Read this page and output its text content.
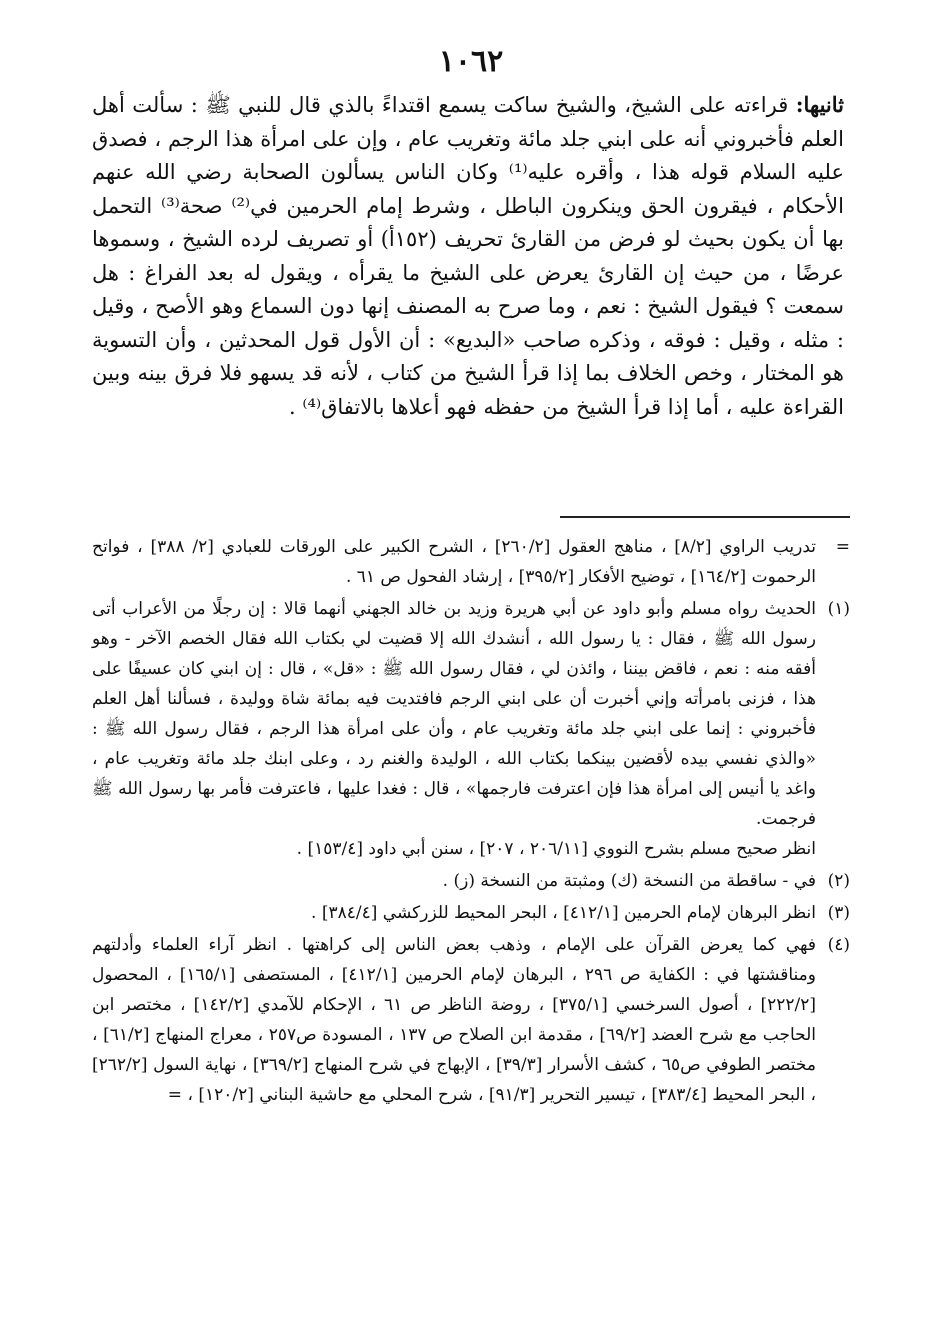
١٠٦٢

ثانيها: قراءته على الشيخ، والشيخ ساكت يسمع اقتداءً بالذي قال للنبي ﷺ : سألت أهل العلم فأخبروني أنه على ابني جلد مائة وتغريب عام ، وإن على امرأة هذا الرجم ، فصدق عليه السلام قوله هذا ، وأقره عليه⁽¹⁾ وكان الناس يسألون الصحابة رضي الله عنهم الأحكام ، فيقرون الحق وينكرون الباطل ، وشرط إمام الحرمين في⁽²⁾ صحة⁽³⁾ التحمل بها أن يكون بحيث لو فرض من القارئ تحريف (١٥٢أ) أو تصريف لرده الشيخ ، وسموها عرضًا ، من حيث إن القارئ يعرض على الشيخ ما يقرأه ، ويقول له بعد الفراغ : هل سمعت ؟ فيقول الشيخ : نعم ، وما صرح به المصنف إنها دون السماع وهو الأصح ، وقيل : مثله ، وقيل : فوقه ، وذكره صاحب «البديع» : أن الأول قول المحدثين ، وأن التسوية هو المختار ، وخص الخلاف بما إذا قرأ الشيخ من كتاب ، لأنه قد يسهو فلا فرق بينه وبين القراءة عليه ، أما إذا قرأ الشيخ من حفظه فهو أعلاها بالاتفاق⁽⁴⁾ .

=

تدريب الراوي [٨/٢] ، مناهج العقول [٢٦٠/٢] ، الشرح الكبير على الورقات للعبادي [٢/ ٣٨٨] ، فواتح الرحموت [١٦٤/٢] ، توضيح الأفكار [٣٩٥/٢] ، إرشاد الفحول ص ٦١ .

(١)

الحديث رواه مسلم وأبو داود عن أبي هريرة وزيد بن خالد الجهني أنهما قالا : إن رجلًا من الأعراب أتى رسول الله ﷺ ، فقال : يا رسول الله ، أنشدك الله إلا قضيت لي بكتاب الله فقال الخصم الآخر - وهو أفقه منه : نعم ، فاقض بيننا ، وائذن لي ، فقال رسول الله ﷺ : «قل» ، قال : إن ابني كان عسيفًا على هذا ، فزنى بامرأته وإني أخبرت أن على ابني الرجم فافتديت فيه بمائة شاة ووليدة ، فسألنا أهل العلم فأخبروني : إنما على ابني جلد مائة وتغريب عام ، وأن على امرأة هذا الرجم ، فقال رسول الله ﷺ : «والذي نفسي بيده لأقضين بينكما بكتاب الله ، الوليدة والغنم رد ، وعلى ابنك جلد مائة وتغريب عام ، واغد يا أنيس إلى امرأة هذا فإن اعترفت فارجمها» ، قال : فغدا عليها ، فاعترفت فأمر بها رسول الله ﷺ فرجمت.

انظر صحيح مسلم بشرح النووي [٢٠٦/١١ ، ٢٠٧] ، سنن أبي داود [١٥٣/٤] .

(٢)

في - ساقطة من النسخة (ك) ومثبتة من النسخة (ز) .

(٣)

انظر البرهان لإمام الحرمين [٤١٢/١] ، البحر المحيط للزركشي [٣٨٤/٤] .

(٤)

فهي كما يعرض القرآن على الإمام ، وذهب بعض الناس إلى كراهتها . انظر آراء العلماء وأدلتهم ومناقشتها في : الكفاية ص ٢٩٦ ، البرهان لإمام الحرمين [٤١٢/١] ، المستصفى [١٦٥/١] ، المحصول [٢٢٢/٢] ، أصول السرخسي [٣٧٥/١] ، روضة الناظر ص ٦١ ، الإحكام للآمدي [١٤٢/٢] ، مختصر ابن الحاجب مع شرح العضد [٦٩/٢] ، مقدمة ابن الصلاح ص ١٣٧ ، المسودة ص٢٥٧ ، معراج المنهاج [٦١/٢] ، مختصر الطوفي ص٦٥ ، كشف الأسرار [٣٩/٣] ، الإبهاج في شرح المنهاج [٣٦٩/٢] ، نهاية السول [٢٦٢/٢] ، البحر المحيط [٣٨٣/٤] ، تيسير التحرير [٩١/٣] ، شرح المحلي مع حاشية البناني [١٢٠/٢] ، =
